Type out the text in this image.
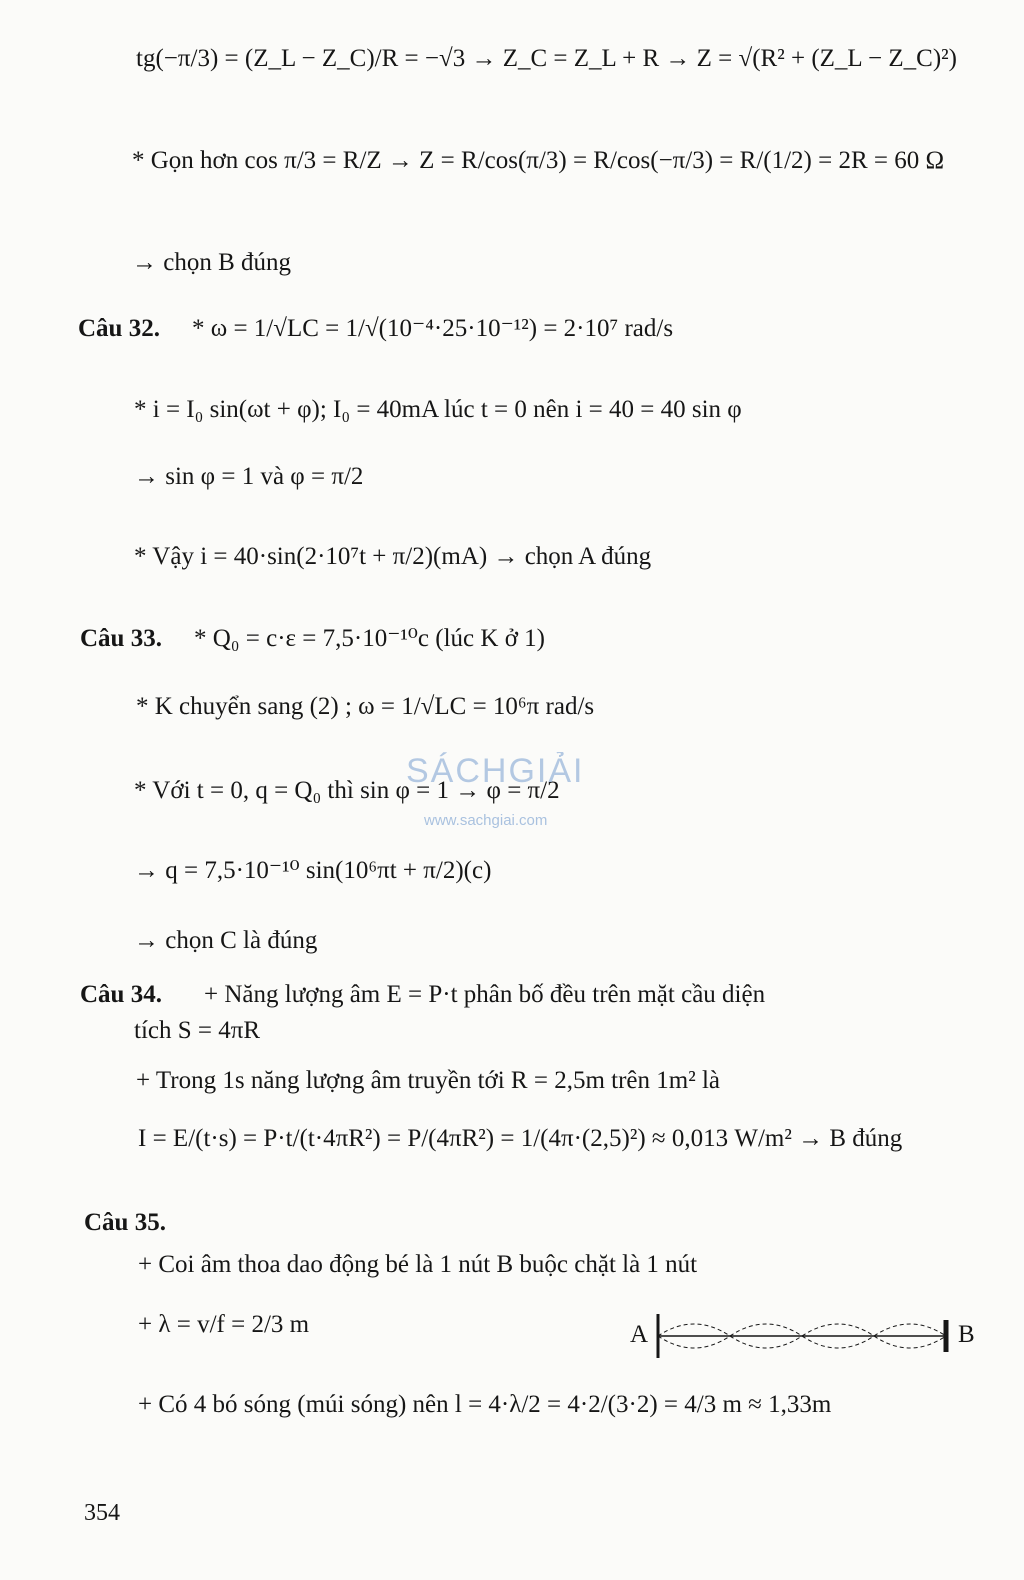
tg(−π/3) = (Z_L − Z_C)/R = −√3 → Z_C = Z_L + R → Z = √(R² + (Z_L − Z_C)²)
* Gọn hơn cos π/3 = R/Z → Z = R/cos(π/3) = R/cos(−π/3) = R/(1/2) = 2R = 60 Ω
→ chọn B đúng
Câu 32. * ω = 1/√LC = 1/√(10⁻⁴·25·10⁻¹²) = 2·10⁷ rad/s
* i = I₀ sin(ωt + φ); I₀ = 40mA lúc t = 0 nên i = 40 = 40 sin φ
→ sin φ = 1 và φ = π/2
* Vậy i = 40·sin(2·10⁷t + π/2)(mA) → chọn A đúng
Câu 33. * Q₀ = c·ε = 7,5·10⁻¹⁰c (lúc K ở 1)
* K chuyển sang (2) ; ω = 1/√LC = 10⁶π rad/s
* Với t = 0, q = Q₀ thì sin φ = 1 → φ = π/2
→ q = 7,5·10⁻¹⁰ sin(10⁶πt + π/2)(c)
→ chọn C là đúng
Câu 34. + Năng lượng âm E = P·t phân bố đều trên mặt cầu diện
tích S = 4πR
+ Trong 1s năng lượng âm truyền tới R = 2,5m trên 1m² là
I = E/(t·s) = P·t/(t·4πR²) = P/(4πR²) = 1/(4π·(2,5)²) ≈ 0,013 W/m² → B đúng
Câu 35.
+ Coi âm thoa dao động bé là 1 nút B buộc chặt là 1 nút
+ λ = v/f = 2/3 m
+ Có 4 bó sóng (múi sóng) nên l = 4·λ/2 = 4·2/(3·2) = 4/3 m ≈ 1,33m
A	B
SÁCHGIẢI
www.sachgiai.com
354
